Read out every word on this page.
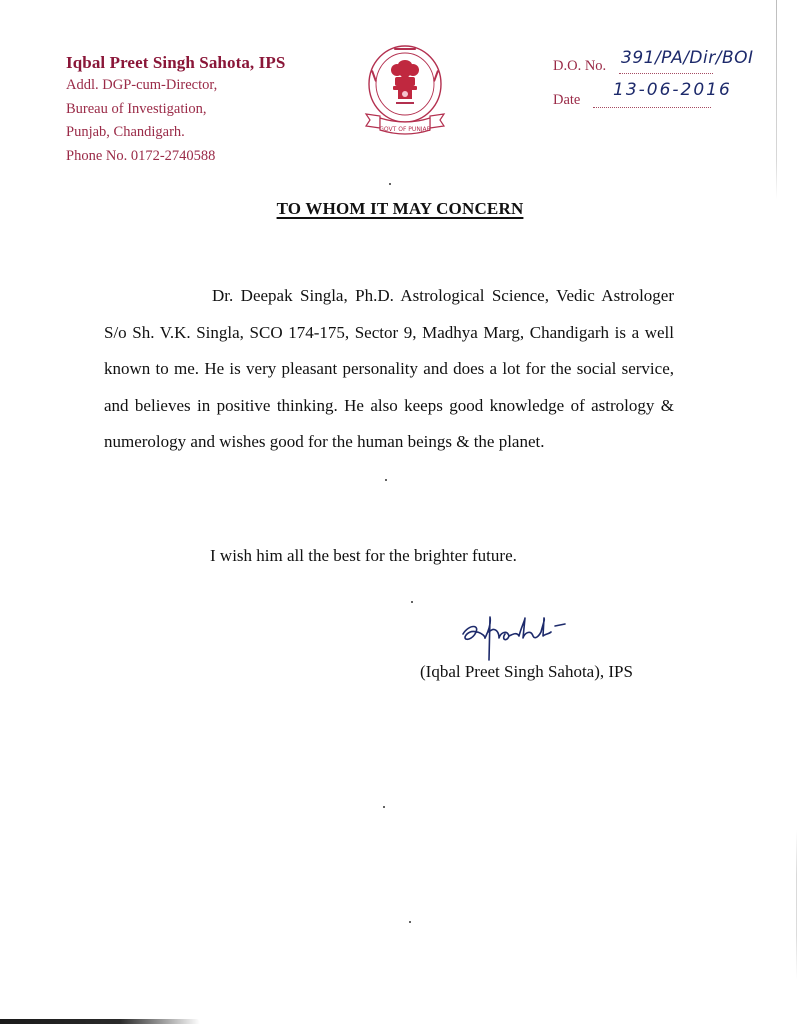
Iqbal Preet Singh Sahota, IPS
Addl. DGP-cum-Director,
Bureau of Investigation,
Punjab, Chandigarh.
Phone No. 0172-2740588
GOVT OF PUNJAB
D.O. No. 391/PA/Dir/BOI
Date 13-06-2016
TO WHOM IT MAY CONCERN

Dr. Deepak Singla, Ph.D. Astrological Science, Vedic Astrologer S/o Sh. V.K. Singla, SCO 174-175, Sector 9, Madhya Marg, Chandigarh is a well known to me. He is very pleasant personality and does a lot for the social service, and believes in positive thinking. He also keeps good knowledge of astrology & numerology and wishes good for the human beings & the planet.

I wish him all the best for the brighter future.
(Iqbal Preet Singh Sahota), IPS
